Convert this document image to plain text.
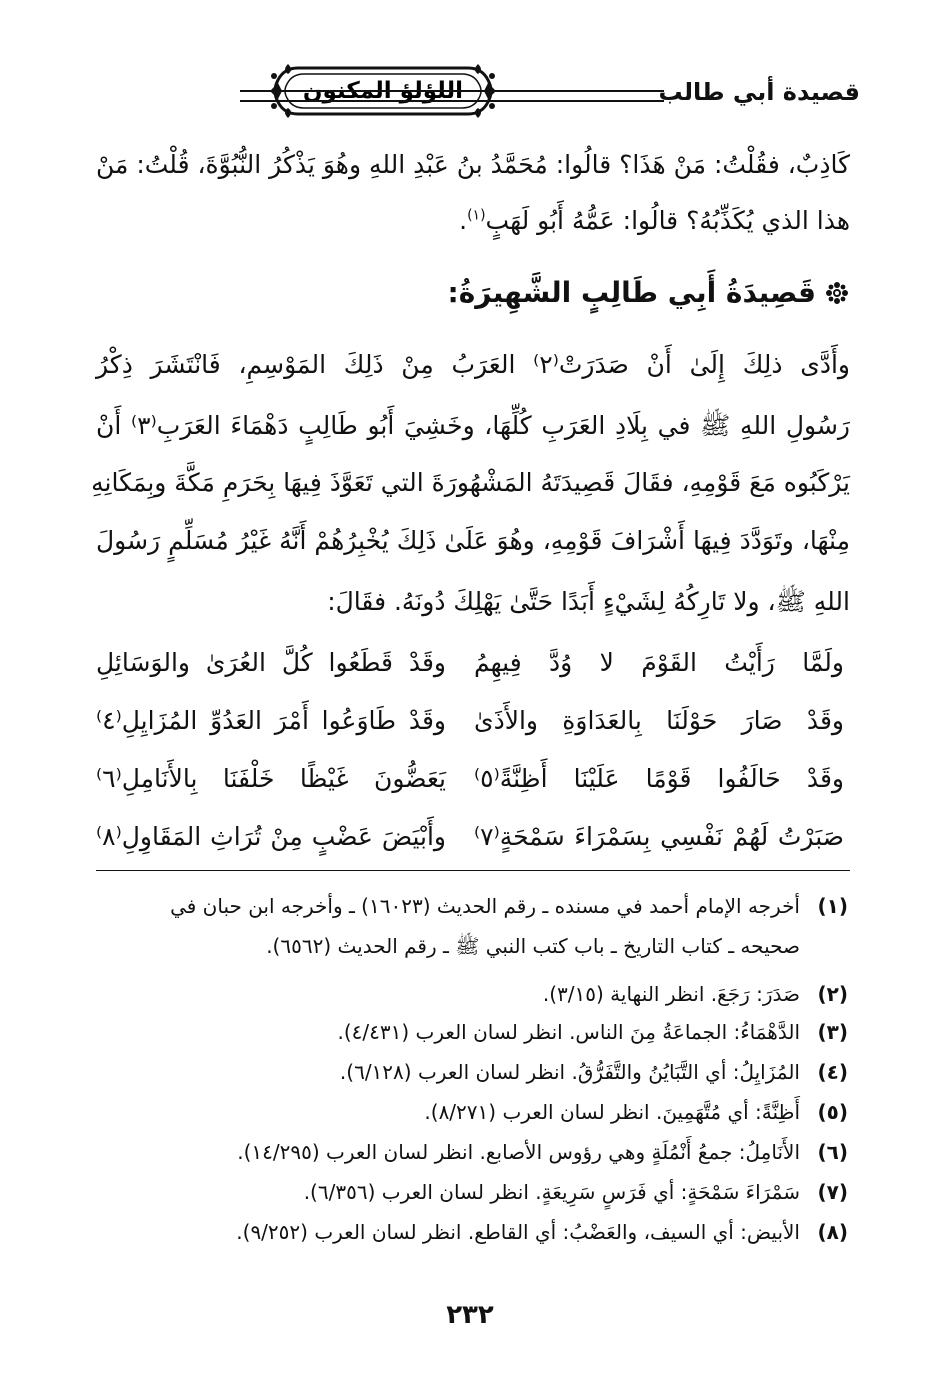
قصيدة أبي طالب
اللؤلؤ المكنون
كَاذِبٌ، فقُلْتُ: مَنْ هَذَا؟ قالُوا: مُحَمَّدُ بنُ عَبْدِ اللهِ وهُوَ يَذْكُرُ النُّبُوَّةَ، قُلْتُ: مَنْ
هذا الذي يُكَذِّبُهُ؟ قالُوا: عَمُّهُ أَبُو لَهَبٍ$^{(١)}$.
قَصِيدَةُ أَبِي طَالِبٍ الشَّهِيرَةُ:
وأَدَّى ذلِكَ إِلَىٰ أَنْ صَدَرَتْ⁽٢⁾ العَرَبُ مِنْ ذَلِكَ المَوْسِمِ، فَانْتَشَرَ ذِكْرُ
رَسُولِ اللهِ ﷺ في بِلَادِ العَرَبِ كُلِّهَا، وخَشِيَ أَبُو طَالِبٍ دَهْمَاءَ العَرَبِ⁽٣⁾ أَنْ
يَرْكَبُوه مَعَ قَوْمِهِ، فقَالَ قَصِيدَتَهُ المَشْهُورَةَ التي تَعَوَّذَ فِيهَا بِحَرَمِ مَكَّةَ وبِمَكَانِهِ
مِنْهَا، وتَوَدَّدَ فِيهَا أَشْرَافَ قَوْمِهِ، وهُوَ عَلَىٰ ذَلِكَ يُخْبِرُهُمْ أَنَّهُ غَيْرُ مُسَلِّمٍ رَسُولَ
اللهِ ﷺ، ولا تَارِكُهُ لِشَيْءٍ أَبَدًا حَتَّىٰ يَهْلِكَ دُونَهُ. فقَالَ:
ولَمَّا رَأَيْتُ القَوْمَ لا وُدَّ فِيهِمُ
وقَدْ قَطَعُوا كُلَّ العُرَىٰ والوَسَائِلِ
وقَدْ صَارَ حَوْلَنَا بِالعَدَاوَةِ والأَذَىٰ
وقَدْ طَاوَعُوا أَمْرَ العَدُوِّ المُزَايِلِ⁽٤⁾
وقَدْ حَالَفُوا قَوْمًا عَلَيْنَا أَظِنَّةً⁽٥⁾
يَعَضُّونَ غَيْظًا خَلْفَنَا بِالأَنَامِلِ⁽٦⁾
صَبَرْتُ لَهُمْ نَفْسِي بِسَمْرَاءَ سَمْحَةٍ⁽٧⁾
وأَبْيَضَ عَضْبٍ مِنْ تُرَاثِ المَقَاوِلِ⁽٨⁾
(١)أخرجه الإمام أحمد في مسنده ـ رقم الحديث (١٦٠٢٣) ـ وأخرجه ابن حبان في
صحيحه ـ كتاب التاريخ ـ باب كتب النبي ﷺ ـ رقم الحديث (٦٥٦٢).
(٢)صَدَرَ: رَجَعَ. انظر النهاية (٣/١٥).
(٣)الدَّهْمَاءُ: الجماعَةُ مِنَ الناس. انظر لسان العرب (٤/٤٣١).
(٤)المُزَايِلُ: أي التَّبَايُنُ والتَّفَرُّقُ. انظر لسان العرب (٦/١٢٨).
(٥)أَظِنَّةً: أي مُتَّهَمِينَ. انظر لسان العرب (٨/٢٧١).
(٦)الأَنَامِلُ: جمعُ أَنْمُلَةٍ وهي رؤوس الأصابع. انظر لسان العرب (١٤/٢٩٥).
(٧)سَمْرَاءَ سَمْحَةٍ: أي فَرَسٍ سَرِيعَةٍ. انظر لسان العرب (٦/٣٥٦).
(٨)الأبيض: أي السيف، والعَضْبُ: أي القاطع. انظر لسان العرب (٩/٢٥٢).
٢٣٢
